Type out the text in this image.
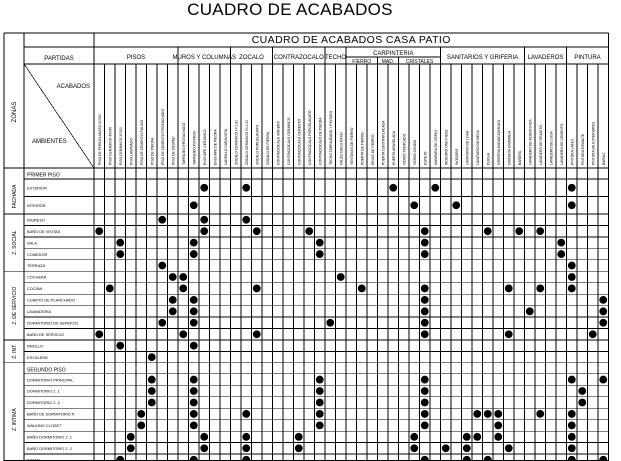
CUADRO DE ACABADOS
CUADRO DE ACABADOS CASA PATIO
PARTIDAS
ACABADOS
AMBIENTES
ZONAS
PISOS	MUROS Y COLUMNAS ZOCALO CONTRAZOCALO TECHO
CARPINTERIA
FIERRO MAD. CRISTALES
SANITARIOS Y GRIFERIA LAVADEROS PINTURA
PISO DE PORCELANATO 60X60 PISO CERAMICO 45X45 PISO CERAMICO 30X30 PISO LAMINADO PISO DE CEMENTO PULIDO PISO DE PIEDRA PISO DE CEMENTO FROTACHADO PISO DE CESPED TARRAJEO FROTACHADO TARRAJEO PINTADO ENCHAPE CERAMICO ENCHAPE DE PIEDRA LADRILLO CARAVISTA ZOCALO CERAMICO H=1.80 ZOCALO CERAMICO H=1.20 ZOCALO PORCELANATO ZOCALO DE PIEDRA CONTRAZOCALO MADERA CONTRAZOCALO CERAMICO CONTRAZOCALO CEMENTO CONTRAZOCALO PORCELANATO CONTRAZOCALO DE PIEDRA TECHO TARRAJEADO Y PINTADO FALSO CIELO RASO VENTANAS DE FIERRO PUERTA DE FIERRO REJAS DE FIERRO PUERTA CONTRAPLACADA PUERTA APANELADA VIDRIO TEMPLADO VIDRIO CRUDO ESPEJO MAMPARA DE VIDRIO INODORO ONE PIECE INODORO LAVATORIO DE LOSA LAVATORIO DE MESA DUCHA GRIFERIA MONOCOMANDO GRIFERIA CROMADA BAÑERA LAVADERO DE ACERO INOX. LAVADERO DE GRANITO LAVADERO DE LOSA LAVADERO DE CEMENTO PINTURA LATEX PINTURA ESMALTE PINTURA DE EXTERIORES BARNIZ
PRIMER PISO
EXTERIOR
INTERIOR
FACHADA
INGRESO
BAÑO DE VISITAS
SALA
COMEDOR
TERRAZA
Z. SOCIAL
COCHERA
COCINA
CUARTO DE PLANCHADO
LAVANDERIA
DORMITORIO DE SERVICIO
BAÑO DE SERVICIO
Z. DE SERVICIO
PASILLO
ESCALERA
Z. INT.
SEGUNDO PISO
DORMITORIO PRINCIPAL
DORMITORIO 2. 1
DORMITORIO 2. 2
BAÑO DE DORMITORIO P.
WALKING CLOSET
BAÑO DORMITORIO 2. 1
BAÑO DORMITORIO 2. 2
ESTAR
Z. INTIMA
